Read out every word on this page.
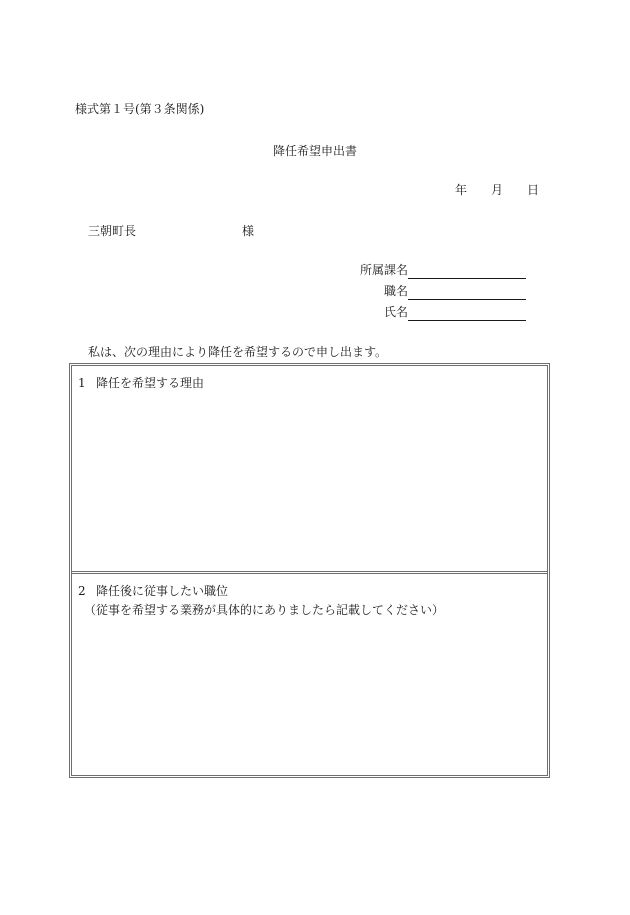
様式第１号(第３条関係)
降任希望申出書
年 月 日
三朝町長	様
所属課名
職名
氏名
私は、次の理由により降任を希望するので申し出ます。
1 降任を希望する理由
2 降任後に従事したい職位
（従事を希望する業務が具体的にありましたら記載してください）
